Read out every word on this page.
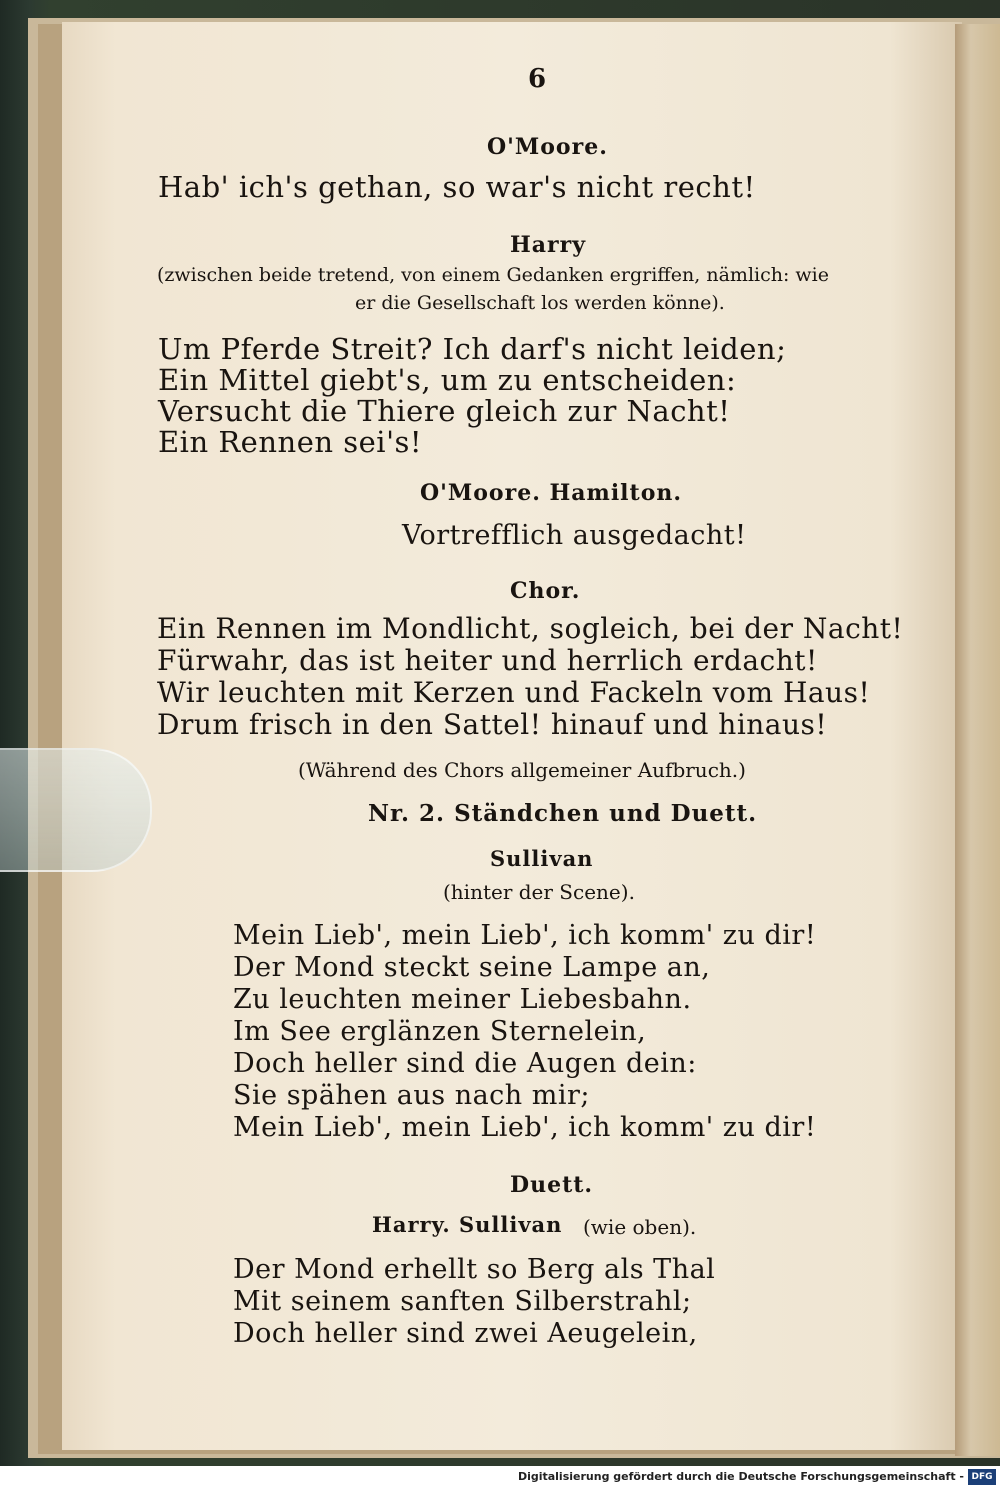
6
O'Moore.
Hab' ich's gethan, so war's nicht recht!
Harry
(zwischen beide tretend, von einem Gedanken ergriffen, nämlich: wie
er die Gesellschaft los werden könne).
Um Pferde Streit? Ich darf's nicht leiden;
Ein Mittel giebt's, um zu entscheiden:
Versucht die Thiere gleich zur Nacht!
Ein Rennen sei's!
O'Moore. Hamilton.
Vortrefflich ausgedacht!
Chor.
Ein Rennen im Mondlicht, sogleich, bei der Nacht!
Fürwahr, das ist heiter und herrlich erdacht!
Wir leuchten mit Kerzen und Fackeln vom Haus!
Drum frisch in den Sattel! hinauf und hinaus!
(Während des Chors allgemeiner Aufbruch.)
Nr. 2. Ständchen und Duett.
Sullivan
(hinter der Scene).
Mein Lieb', mein Lieb', ich komm' zu dir!
Der Mond steckt seine Lampe an,
Zu leuchten meiner Liebesbahn.
Im See erglänzen Sternelein,
Doch heller sind die Augen dein:
Sie spähen aus nach mir;
Mein Lieb', mein Lieb', ich komm' zu dir!
Duett.
Harry. Sullivan (wie oben).
Der Mond erhellt so Berg als Thal
Mit seinem sanften Silberstrahl;
Doch heller sind zwei Aeugelein,
Digitalisierung gefördert durch die Deutsche Forschungsgemeinschaft - DFG
